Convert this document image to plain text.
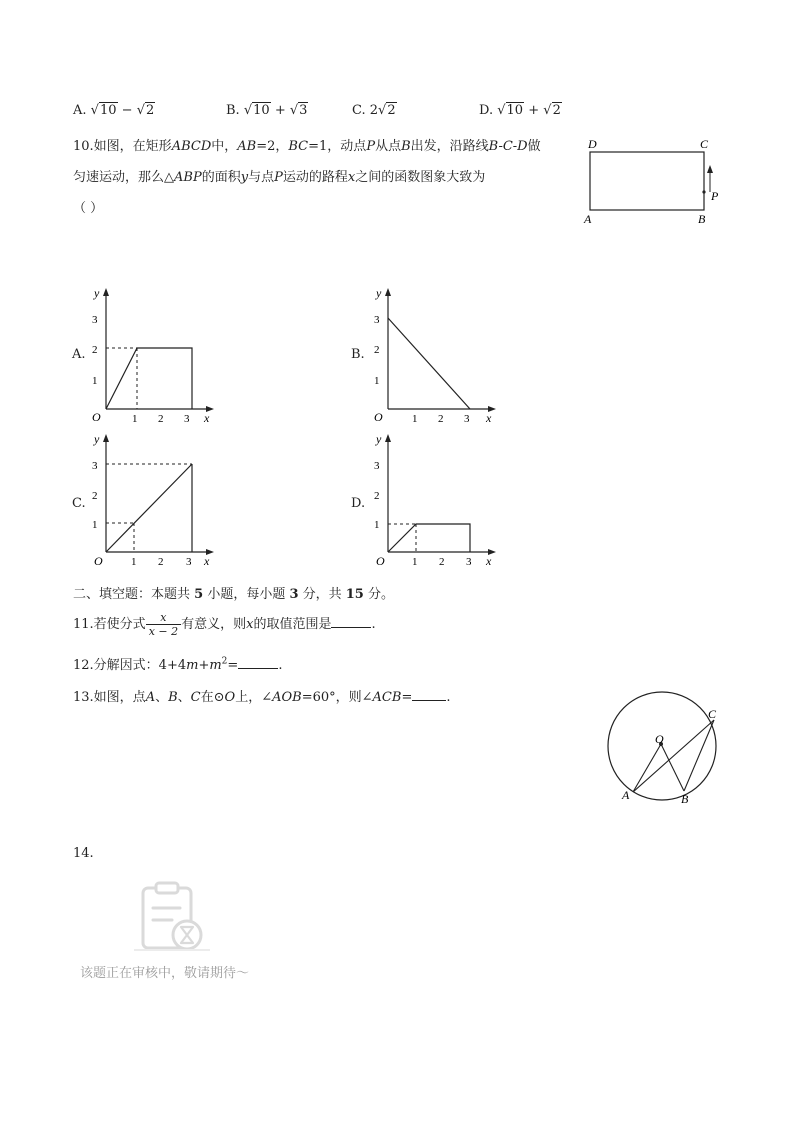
A. √10 − √2	B. √10 + √3	C. 2√2	D. √10 + √2
10.如图，在矩形ABCD中，AB=2，BC=1，动点P从点B出发，沿路线B-C-D做
匀速运动，那么△ABP的面积y与点P运动的路程x之间的函数图象大致为
（ ）
D	C
A	B
P
A.
y
x
O	1 2 3
1
2
3
B.
y
x
O	1 2 3
1
2
3
C.
y
x
O	1 2 3
1
2
3
D.
y
x
O 1 2 3
1
2
3
二、填空题：本题共 5 小题，每小题 3 分，共 15 分。
11.若使分式 $\frac{x}{x - 2}$ 有意义，则x的取值范围是	.
12.分解因式：$4+4m+m^2=$	.
13.如图，点A、B、C在⊙O上，∠AOB=60°，则∠ACB=	.
O
A	B
C
14.
该题正在审核中，敬请期待～
